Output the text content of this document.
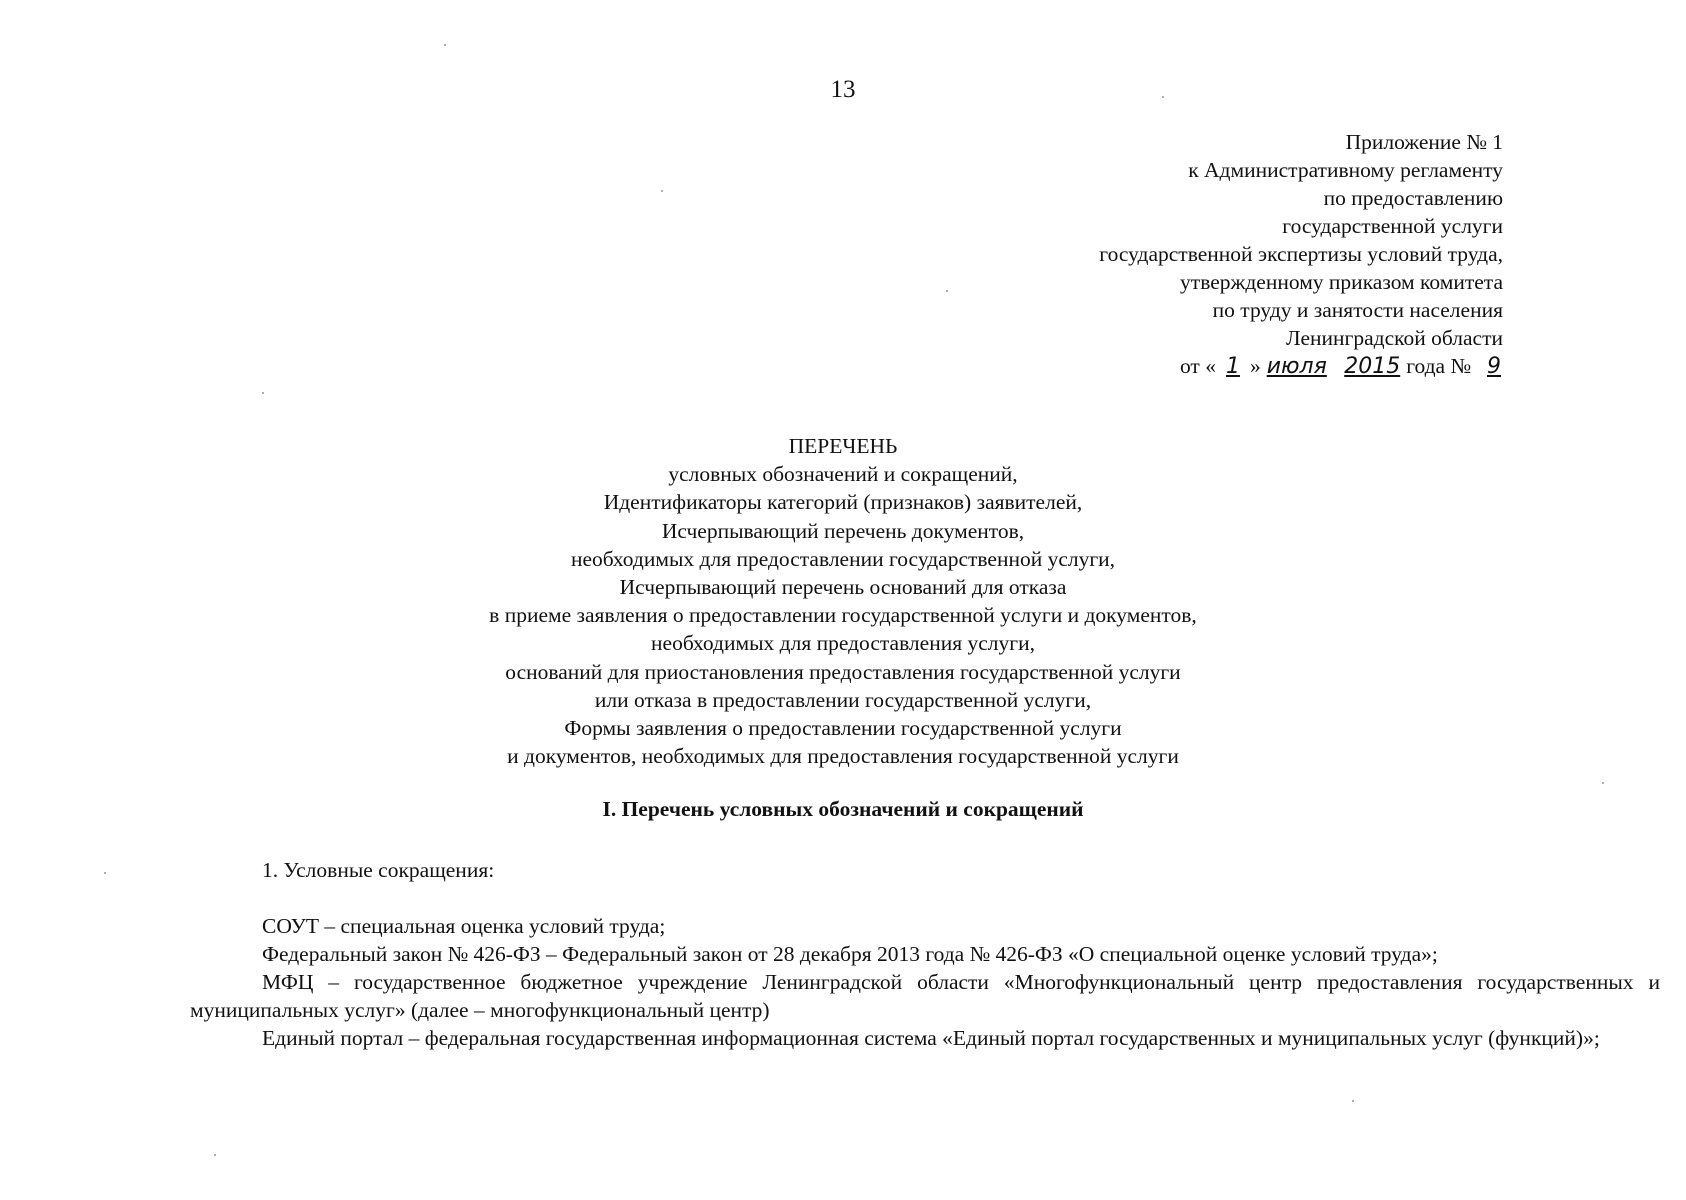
13
Приложение № 1
к Административному регламенту
по предоставлению
государственной услуги
государственной экспертизы условий труда,
утвержденному приказом комитета
по труду и занятости населения
Ленинградской области
от « 1 » июля 2015 года № 9
ПЕРЕЧЕНЬ
условных обозначений и сокращений,
Идентификаторы категорий (признаков) заявителей,
Исчерпывающий перечень документов,
необходимых для предоставлении государственной услуги,
Исчерпывающий перечень оснований для отказа
в приеме заявления о предоставлении государственной услуги и документов,
необходимых для предоставления услуги,
оснований для приостановления предоставления государственной услуги
или отказа в предоставлении государственной услуги,
Формы заявления о предоставлении государственной услуги
и документов, необходимых для предоставления государственной услуги
I. Перечень условных обозначений и сокращений
1. Условные сокращения:

СОУТ – специальная оценка условий труда;

Федеральный закон № 426-ФЗ – Федеральный закон от 28 декабря 2013 года № 426-ФЗ «О специальной оценке условий труда»;

МФЦ – государственное бюджетное учреждение Ленинградской области «Многофункциональный центр предоставления государственных и муниципальных услуг» (далее – многофункциональный центр)

Единый портал – федеральная государственная информационная система «Единый портал государственных и муниципальных услуг (функций)»;
